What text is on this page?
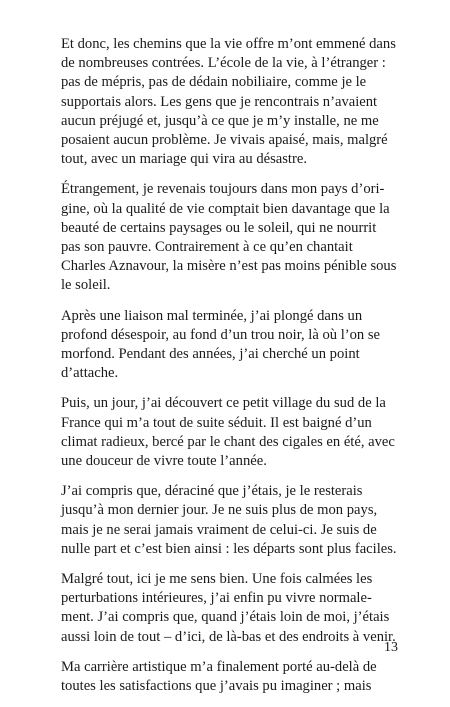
Et donc, les chemins que la vie offre m’ont emmené dans
de nombreuses contrées. L’école de la vie, à l’étranger :
pas de mépris, pas de dédain nobiliaire, comme je le
supportais alors. Les gens que je rencontrais n’avaient
aucun préjugé et, jusqu’à ce que je m’y installe, ne me
posaient aucun problème. Je vivais apaisé, mais, malgré
tout, avec un mariage qui vira au désastre.

Étrangement, je revenais toujours dans mon pays d’ori-
gine, où la qualité de vie comptait bien davantage que la
beauté de certains paysages ou le soleil, qui ne nourrit
pas son pauvre. Contrairement à ce qu’en chantait
Charles Aznavour, la misère n’est pas moins pénible sous
le soleil.

Après une liaison mal terminée, j’ai plongé dans un
profond désespoir, au fond d’un trou noir, là où l’on se
morfond. Pendant des années, j’ai cherché un point
d’attache.

Puis, un jour, j’ai découvert ce petit village du sud de la
France qui m’a tout de suite séduit. Il est baigné d’un
climat radieux, bercé par le chant des cigales en été, avec
une douceur de vivre toute l’année.

J’ai compris que, déraciné que j’étais, je le resterais
jusqu’à mon dernier jour. Je ne suis plus de mon pays,
mais je ne serai jamais vraiment de celui-ci. Je suis de
nulle part et c’est bien ainsi : les départs sont plus faciles.

Malgré tout, ici je me sens bien. Une fois calmées les
perturbations intérieures, j’ai enfin pu vivre normale-
ment. J’ai compris que, quand j’étais loin de moi, j’étais
aussi loin de tout – d’ici, de là-bas et des endroits à venir.

Ma carrière artistique m’a finalement porté au-delà de
toutes les satisfactions que j’avais pu imaginer ; mais

13
